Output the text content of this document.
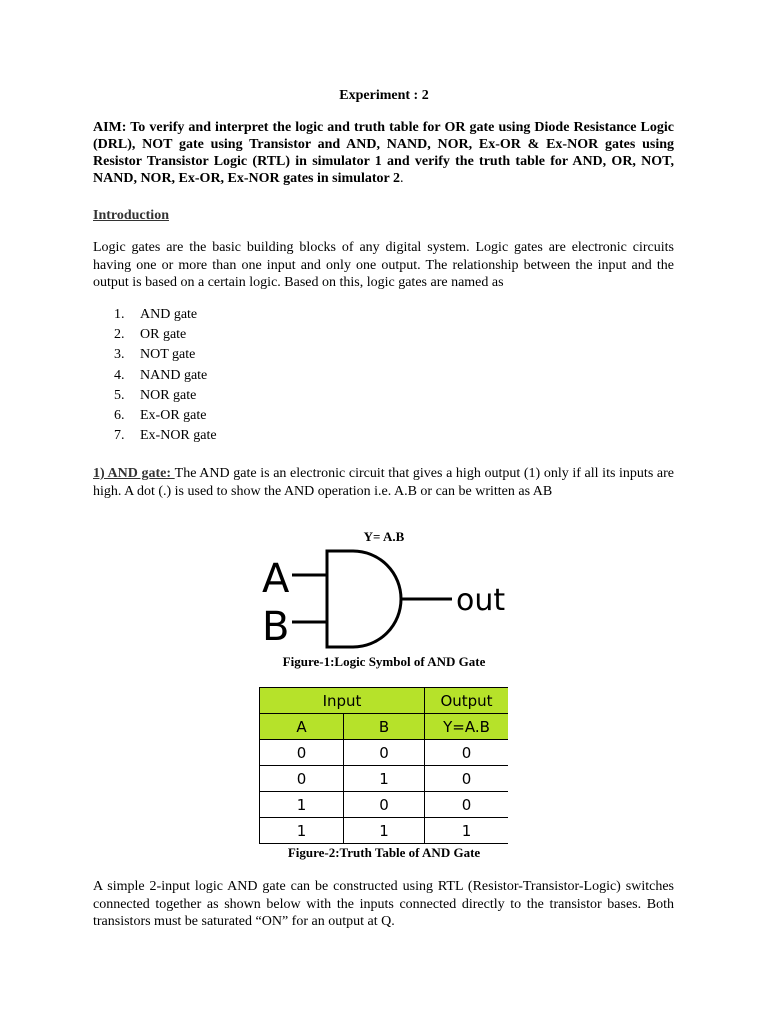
Experiment : 2
AIM: To verify and interpret the logic and truth table for OR gate using Diode Resistance Logic (DRL), NOT gate using Transistor and AND, NAND, NOR, Ex-OR & Ex-NOR gates using Resistor Transistor Logic (RTL) in simulator 1 and verify the truth table for AND, OR, NOT, NAND, NOR, Ex-OR, Ex-NOR gates in simulator 2.
Introduction
Logic gates are the basic building blocks of any digital system. Logic gates are electronic circuits having one or more than one input and only one output. The relationship between the input and the output is based on a certain logic. Based on this, logic gates are named as
1. AND gate
2. OR gate
3. NOT gate
4. NAND gate
5. NOR gate
6. Ex-OR gate
7. Ex-NOR gate
1) AND gate: The AND gate is an electronic circuit that gives a high output (1) only if all its inputs are high. A dot (.) is used to show the AND operation i.e. A.B or can be written as AB
Y= A.B
A
B
out
Figure-1:Logic Symbol of AND Gate
Input		Output
A	B	Y=A.B
0	0	0
0	1	0
1	0	0
1	1	1
Figure-2:Truth Table of AND Gate
A simple 2-input logic AND gate can be constructed using RTL (Resistor-Transistor-Logic) switches connected together as shown below with the inputs connected directly to the transistor bases. Both transistors must be saturated “ON” for an output at Q.
